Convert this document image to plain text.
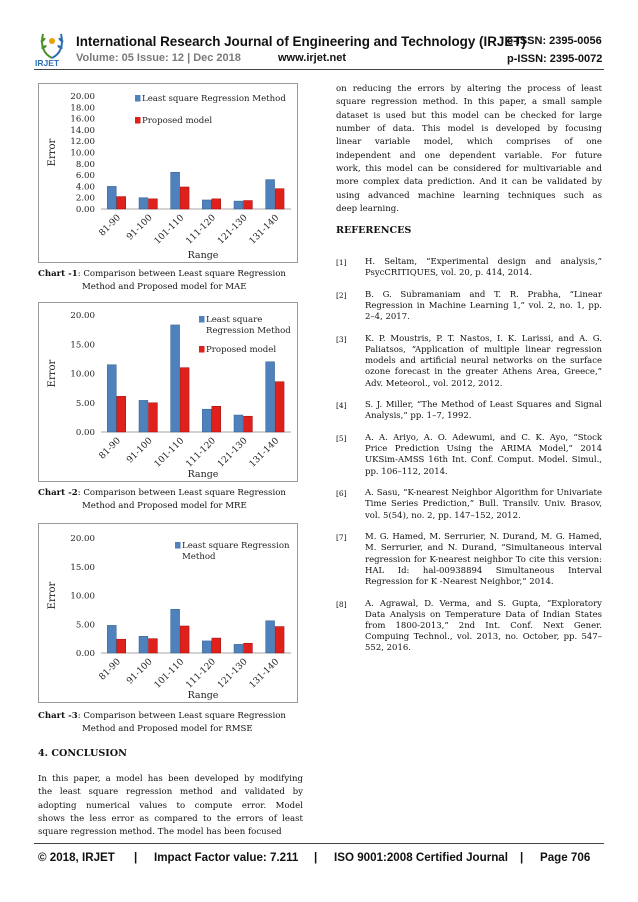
IRJET
International Research Journal of Engineering and Technology (IRJET)
e-ISSN: 2395-0056
Volume: 05 Issue: 12 | Dec 2018	www.irjet.net	p-ISSN: 2395-0072
0.00
2.00
4.00
6.00
8.00
10.00
12.00
14.00
16.00
18.00
20.00
Error
81-90 91-100
101-110
111-120
121-130
131-140
Range
Least square Regression Method
Proposed model
Chart -1: Comparison between Least square Regression
Method and Proposed model for MAE
0.00
5.00
10.00
15.00
20.00
Error
81-90 91-100
101-110
111-120
121-130
131-140
Range
Least square Regression Method
Proposed model
Chart -2: Comparison between Least square Regression
Method and Proposed model for MRE
0.00
5.00
10.00
15.00
20.00
Error
81-90 91-100
101-110
111-120
121-130
131-140
Range
Least square Regression Method
Chart -3: Comparison between Least square Regression
Method and Proposed model for RMSE
4. CONCLUSION
In this paper, a model has been developed by modifying
the least square regression method and validated by
adopting numerical values to compute error. Model
shows the less error as compared to the errors of least
square regression method. The model has been focused
on reducing the errors by altering the process of least
square regression method. In this paper, a small sample
dataset is used but this model can be checked for large
number of data. This model is developed by focusing
linear variable model, which comprises of one
independent and one dependent variable. For future
work, this model can be considered for multivariable and
more complex data prediction. And it can be validated by
using advanced machine learning techniques such as
deep learning.
REFERENCES
[1] H. Seltam, “Experimental design and analysis,” PsycCRITIQUES, vol. 20, p. 414, 2014.
[2] B. G. Subramaniam and T. R. Prabha, “Linear Regression in Machine Learning 1,” vol. 2, no. 1, pp. 2–4, 2017.
[3] K. P. Moustris, P. T. Nastos, I. K. Larissi, and A. G. Paliatsos, “Application of multiple linear regression models and artificial neural networks on the surface ozone forecast in the greater Athens Area, Greece,” Adv. Meteorol., vol. 2012, 2012.
[4] S. J. Miller, “The Method of Least Squares and Signal Analysis,” pp. 1–7, 1992.
[5] A. A. Ariyo, A. O. Adewumi, and C. K. Ayo, “Stock Price Prediction Using the ARIMA Model,” 2014 UKSim-AMSS 16th Int. Conf. Comput. Model. Simul., pp. 106–112, 2014.
[6] A. Sasu, “K-nearest Neighbor Algorithm for Univariate Time Series Prediction,” Bull. Transilv. Univ. Brasov, vol. 5(54), no. 2, pp. 147–152, 2012.
[7] M. G. Hamed, M. Serrurier, N. Durand, M. G. Hamed, M. Serrurier, and N. Durand, “Simultaneous interval regression for K-nearest neighbor To cite this version: HAL Id: hal-00938894 Simultaneous Interval Regression for K -Nearest Neighbor,” 2014.
[8] A. Agrawal, D. Verma, and S. Gupta, “Exploratory Data Analysis on Temperature Data of Indian States from 1800-2013,” 2nd Int. Conf. Next Gener. Compuing Technol., vol. 2013, no. October, pp. 547–552, 2016.
© 2018, IRJET | Impact Factor value: 7.211 | ISO 9001:2008 Certified Journal | Page 706
